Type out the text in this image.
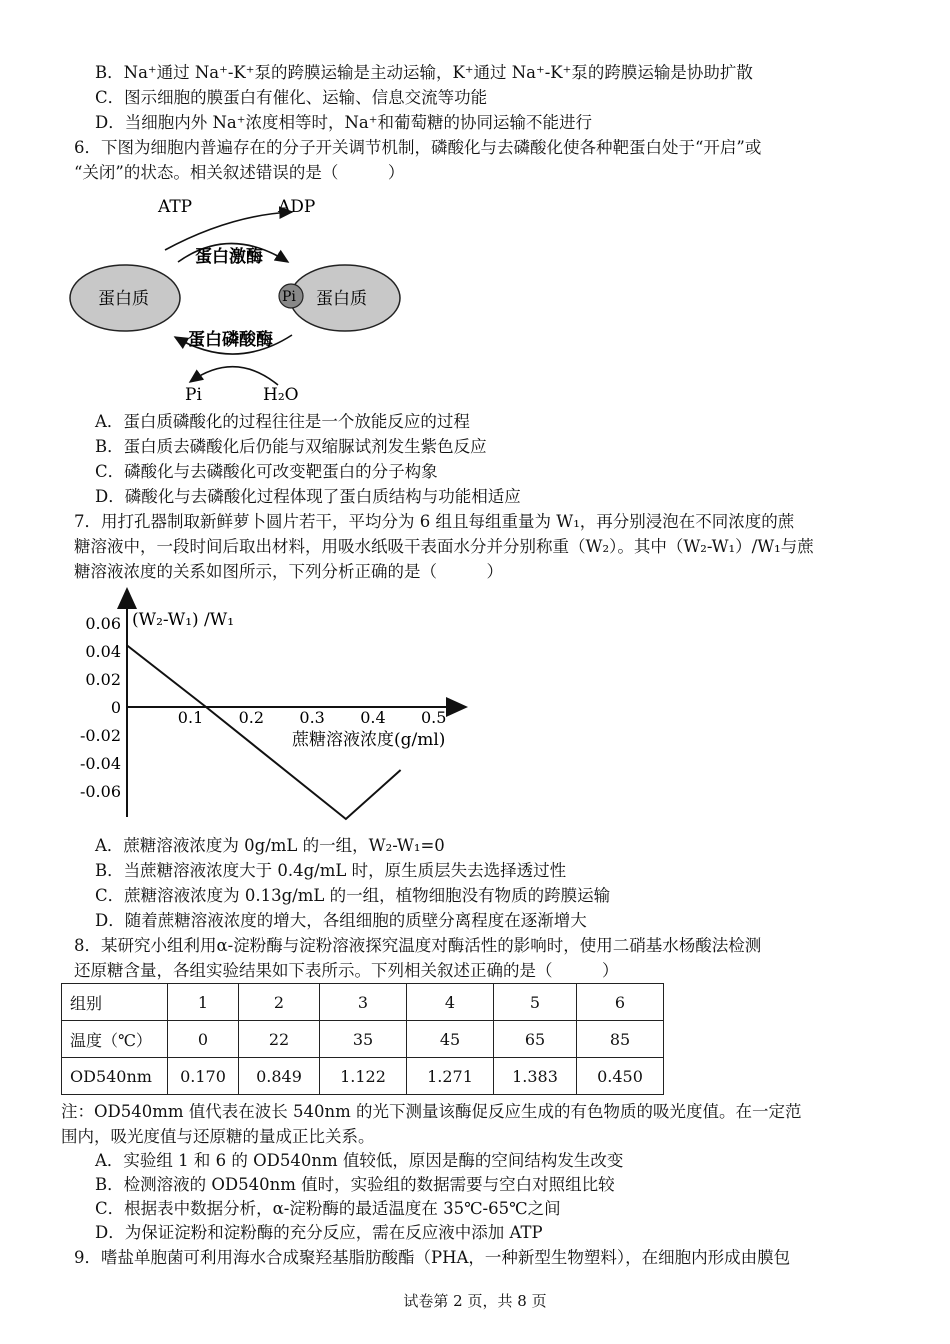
B．Na⁺通过 Na⁺-K⁺泵的跨膜运输是主动运输，K⁺通过 Na⁺-K⁺泵的跨膜运输是协助扩散
C．图示细胞的膜蛋白有催化、运输、信息交流等功能
D．当细胞内外 Na⁺浓度相等时，Na⁺和葡萄糖的协同运输不能进行
6．下图为细胞内普遍存在的分子开关调节机制，磷酸化与去磷酸化使各种靶蛋白处于“开启”或
“关闭”的状态。相关叙述错误的是（　　　）
ATP	ADP
蛋白激酶
蛋白质	Pi 蛋白质
蛋白磷酸酶
Pi	H₂O
A．蛋白质磷酸化的过程往往是一个放能反应的过程
B．蛋白质去磷酸化后仍能与双缩脲试剂发生紫色反应
C．磷酸化与去磷酸化可改变靶蛋白的分子构象
D．磷酸化与去磷酸化过程体现了蛋白质结构与功能相适应
7．用打孔器制取新鲜萝卜圆片若干，平均分为 6 组且每组重量为 W₁，再分别浸泡在不同浓度的蔗
糖溶液中，一段时间后取出材料，用吸水纸吸干表面水分并分别称重（W₂）。其中（W₂-W₁）/W₁与蔗
糖溶液浓度的关系如图所示，下列分析正确的是（　　　）
0.1 0.2 0.3 0.4 0.5
0.06
0.04
0.02
0
-0.02
-0.04
-0.06
(W₂-W₁) /W₁
蔗糖溶液浓度(g/ml)
A．蔗糖溶液浓度为 0g/mL 的一组，W₂-W₁=0
B．当蔗糖溶液浓度大于 0.4g/mL 时，原生质层失去选择透过性
C．蔗糖溶液浓度为 0.13g/mL 的一组，植物细胞没有物质的跨膜运输
D．随着蔗糖溶液浓度的增大，各组细胞的质壁分离程度在逐渐增大
8．某研究小组利用α-淀粉酶与淀粉溶液探究温度对酶活性的影响时，使用二硝基水杨酸法检测
还原糖含量，各组实验结果如下表所示。下列相关叙述正确的是（　　　）
组别	1	2	3	4	5	6
温度（℃）	0	22	35	45	65	85
OD540nm	0.170	0.849	1.122	1.271	1.383	0.450
注：OD540mm 值代表在波长 540nm 的光下测量该酶促反应生成的有色物质的吸光度值。在一定范
围内，吸光度值与还原糖的量成正比关系。
A．实验组 1 和 6 的 OD540nm 值较低，原因是酶的空间结构发生改变
B．检测溶液的 OD540nm 值时，实验组的数据需要与空白对照组比较
C．根据表中数据分析，α-淀粉酶的最适温度在 35℃-65℃之间
D．为保证淀粉和淀粉酶的充分反应，需在反应液中添加 ATP
9．嗜盐单胞菌可利用海水合成聚羟基脂肪酸酯（PHA，一种新型生物塑料），在细胞内形成由膜包
试卷第 2 页，共 8 页
